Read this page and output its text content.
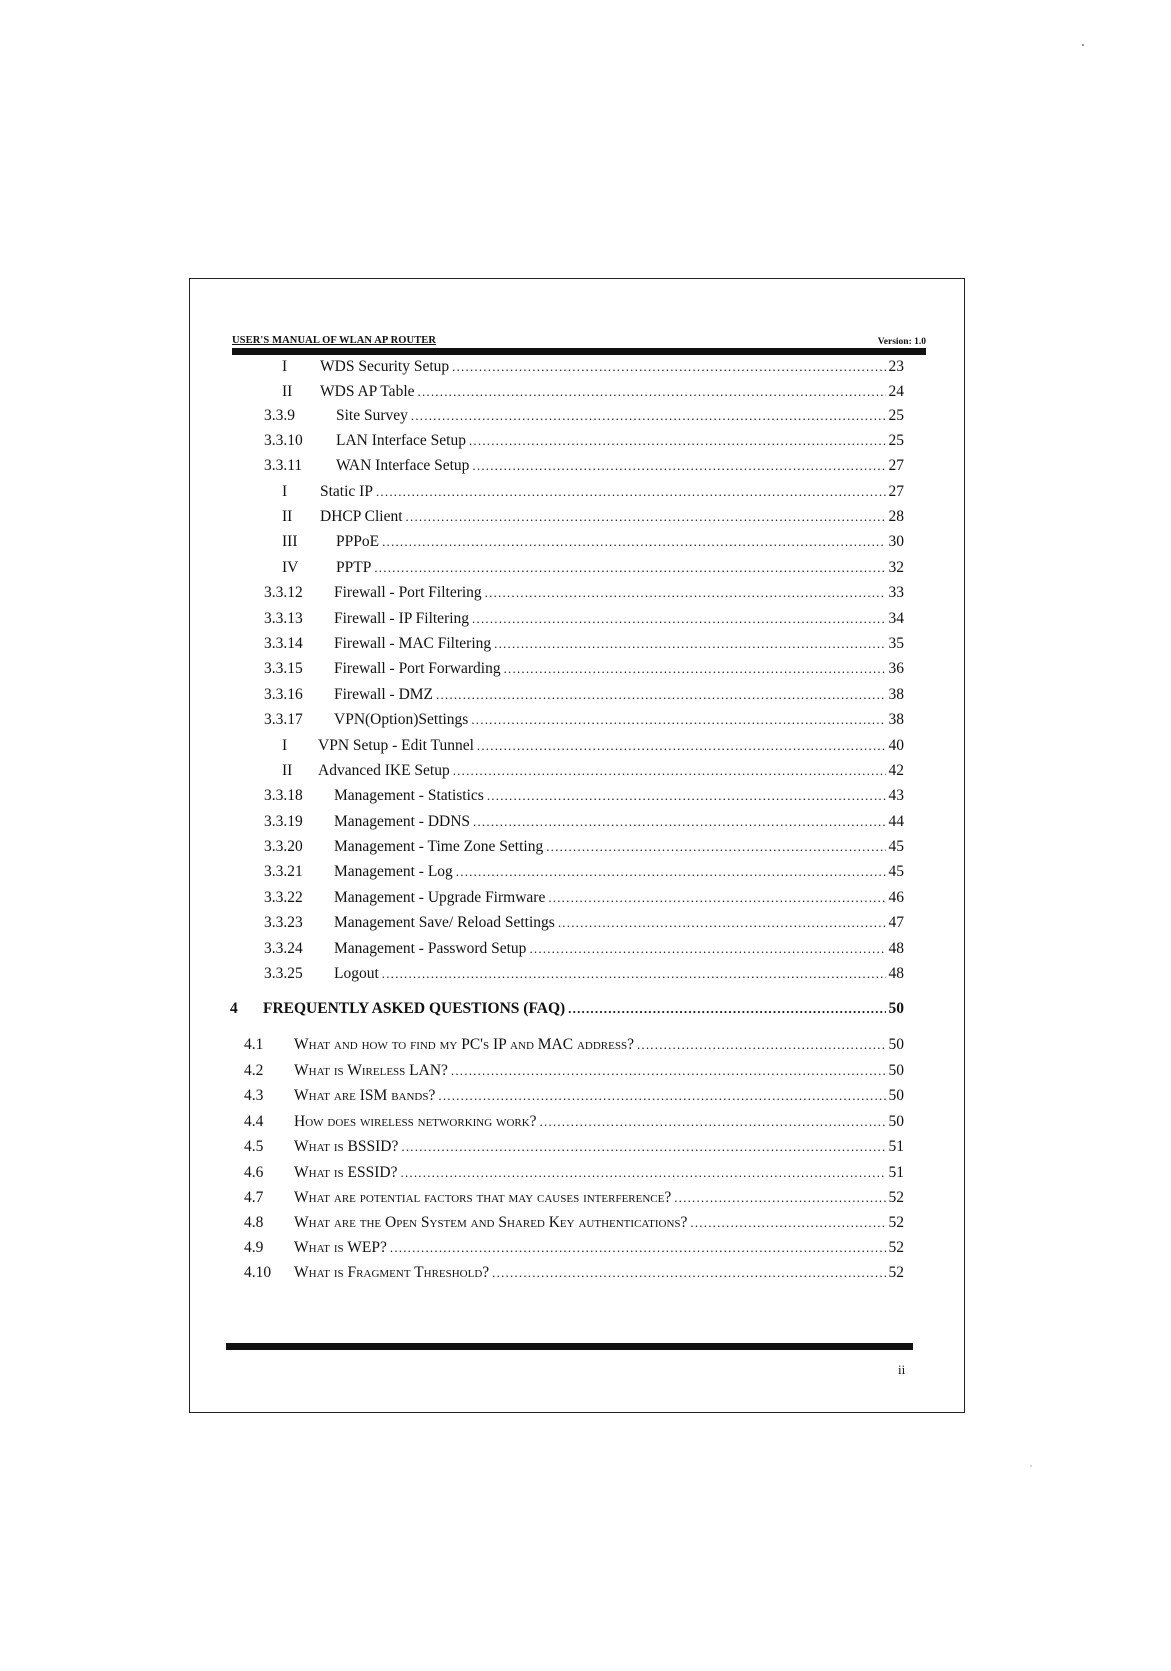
USER'S MANUAL OF WLAN AP ROUTER	Version: 1.0
I WDS Security Setup .....	23
II WDS AP Table .....	24
3.3.9	Site Survey .....	25
3.3.10 LAN Interface Setup .....	25
3.3.11 WAN Interface Setup .....	27
I Static IP .....	27
II DHCP Client .....	28
III PPPoE .....	30
IV PPTP .....	32
3.3.12 Firewall - Port Filtering .....	33
3.3.13 Firewall - IP Filtering .....	34
3.3.14 Firewall - MAC Filtering .....	35
3.3.15 Firewall - Port Forwarding .....	36
3.3.16 Firewall - DMZ .....	38
3.3.17 VPN(Option)Settings .....	38
I VPN Setup - Edit Tunnel .....	40
II Advanced IKE Setup .....	42
3.3.18 Management - Statistics .....	43
3.3.19 Management - DDNS .....	44
3.3.20 Management - Time Zone Setting .....	45
3.3.21 Management - Log .....	45
3.3.22 Management - Upgrade Firmware .....	46
3.3.23 Management Save/ Reload Settings .....	47
3.3.24 Management - Password Setup .....	48
3.3.25 Logout .....	48
4 FREQUENTLY ASKED QUESTIONS (FAQ) .....	50
4.1 What and how to find my PC's IP and MAC address? .....	50
4.2 What is Wireless LAN? .....	50
4.3 What are ISM bands? .....	50
4.4 How does wireless networking work? .....	50
4.5 What is BSSID? .....	51
4.6 What is ESSID? .....	51
4.7 What are potential factors that may causes interference? .....	52
4.8 What are the Open System and Shared Key authentications? .....	52
4.9 What is WEP? .....	52
4.10 What is Fragment Threshold? .....	52
ii
